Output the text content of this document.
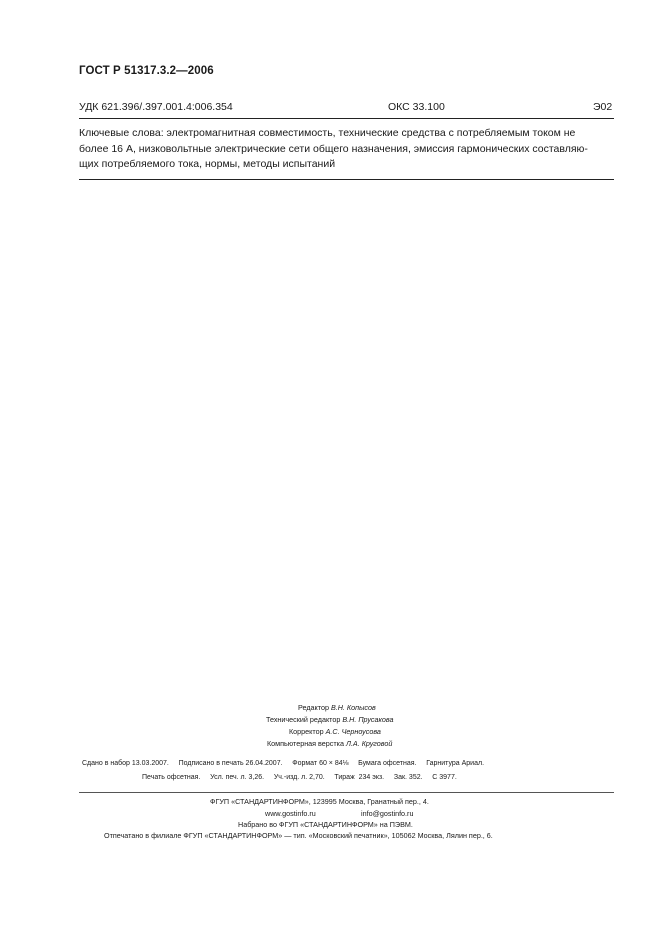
ГОСТ Р 51317.3.2—2006
УДК 621.396/.397.001.4:006.354	ОКС 33.100	Э02
Ключевые слова: электромагнитная совместимость, технические средства с потребляемым током не
более 16 А, низковольтные электрические сети общего назначения, эмиссия гармонических составляю-
щих потребляемого тока, нормы, методы испытаний
Редактор В.Н. Копысов
Технический редактор В.Н. Прусакова
Корректор А.С. Черноусова
Компьютерная верстка Л.А. Круговой
Сдано в набор 13.03.2007.     Подписано в печать 26.04.2007.     Формат 60 × 84⅛     Бумага офсетная.     Гарнитура Ариал.
Печать офсетная.     Усл. печ. л. 3,26.     Уч.-изд. л. 2,70.     Тираж  234 экз.     Зак. 352.     С 3977.
ФГУП «СТАНДАРТИНФОРМ», 123995 Москва, Гранатный пер., 4.
www.gostinfo.ru	info@gostinfo.ru
Набрано во ФГУП «СТАНДАРТИНФОРМ» на ПЭВМ.
Отпечатано в филиале ФГУП «СТАНДАРТИНФОРМ» — тип. «Московский печатник», 105062 Москва, Лялин пер., 6.
